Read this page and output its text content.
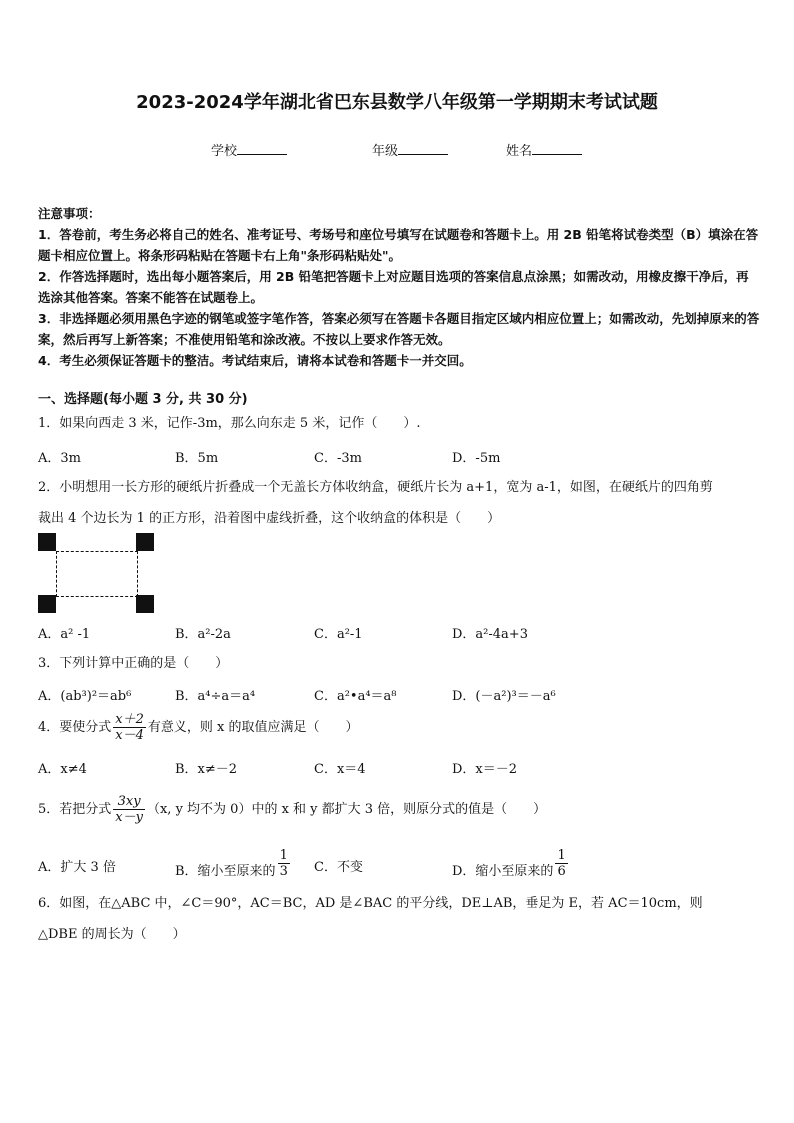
2023-2024学年湖北省巴东县数学八年级第一学期期末考试试题
学校	年级	姓名
注意事项：

1．答卷前，考生务必将自己的姓名、准考证号、考场号和座位号填写在试题卷和答题卡上。用 2B 铅笔将试卷类型（B）填涂在答题卡相应位置上。将条形码粘贴在答题卡右上角"条形码粘贴处"。

2．作答选择题时，选出每小题答案后，用 2B 铅笔把答题卡上对应题目选项的答案信息点涂黑；如需改动，用橡皮擦干净后，再选涂其他答案。答案不能答在试题卷上。

3．非选择题必须用黑色字迹的钢笔或签字笔作答，答案必须写在答题卡各题目指定区域内相应位置上；如需改动，先划掉原来的答案，然后再写上新答案；不准使用铅笔和涂改液。不按以上要求作答无效。

4．考生必须保证答题卡的整洁。考试结束后，请将本试卷和答题卡一并交回。

一、选择题(每小题 3 分, 共 30 分)
1．如果向西走 3 米，记作-3m，那么向东走 5 米，记作（　　）.
A．3m	B．5m	C．-3m	D．-5m
2．小明想用一长方形的硬纸片折叠成一个无盖长方体收纳盒，硬纸片长为 a+1，宽为 a-1，如图，在硬纸片的四角剪
裁出 4 个边长为 1 的正方形，沿着图中虚线折叠，这个收纳盒的体积是（　　）
A．a² -1	B．a²-2a	C．a²-1	D．a²-4a+3
3．下列计算中正确的是（　　）
A．(ab³)²＝ab⁶	B．a⁴÷a＝a⁴	C．a²•a⁴＝a⁸	D．(－a²)³＝－a⁶
4．要使分式 $\frac{x+2}{x-4}$ 有意义，则 x 的取值应满足（　　）
A．x≠4	B．x≠－2	C．x＝4	D．x＝－2
5．若把分式 $\frac{3xy}{x-y} (x$, y 均不为 0）中的 x 和 y 都扩大 3 倍，则原分式的值是（　　）
A．扩大 3 倍	B．缩小至原来的 $\frac{1}{3}$ C．不变	D．缩小至原来的 $\frac{1}{6}$
6．如图，在△ABC 中，∠C＝90°，AC＝BC，AD 是∠BAC 的平分线，DE⊥AB，垂足为 E，若 AC＝10cm，则
△DBE 的周长为（　　）
